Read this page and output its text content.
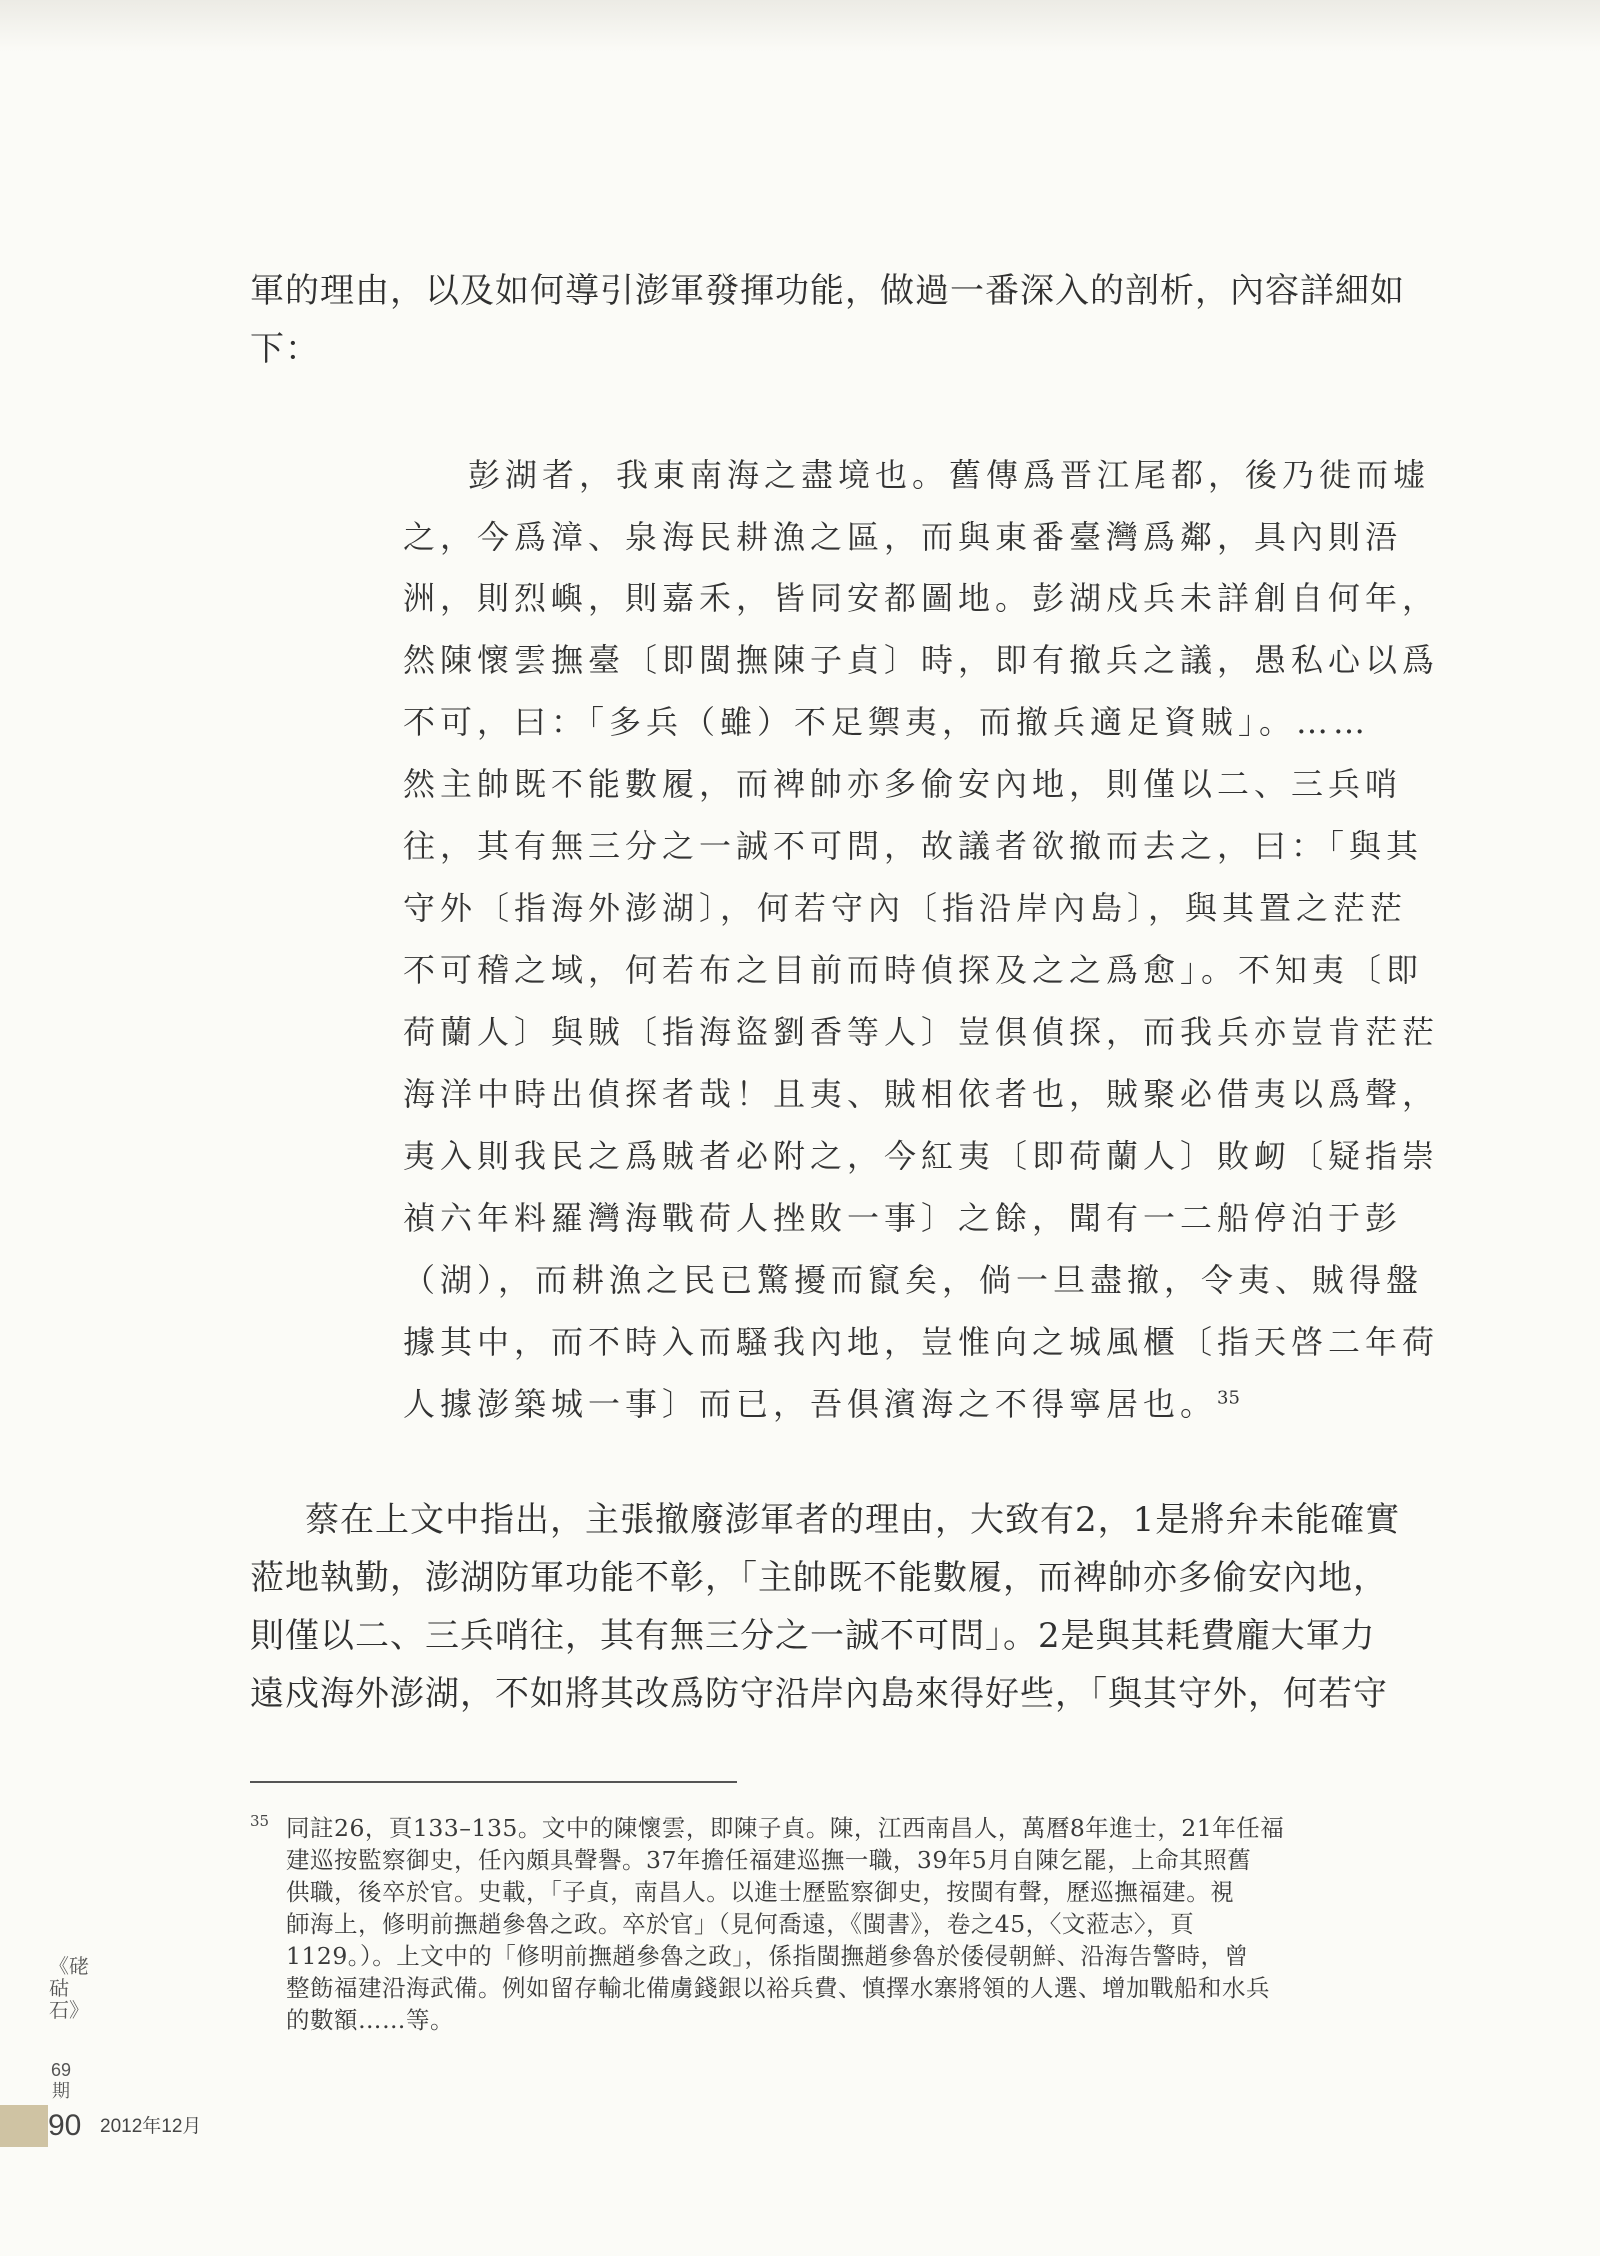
軍的理由，以及如何導引澎軍發揮功能，做過一番深入的剖析，內容詳細如
下：
彭湖者，我東南海之盡境也。舊傳爲晋江尾都，後乃徙而墟
之，今爲漳、泉海民耕漁之區，而與東番臺灣爲鄰，具內則浯
洲，則烈嶼，則嘉禾，皆同安都圖地。彭湖戍兵未詳創自何年，
然陳懷雲撫臺〔即閩撫陳子貞〕時，即有撤兵之議，愚私心以爲
不可，曰：「多兵（雖）不足禦夷，而撤兵適足資賊」。……
然主帥既不能數履，而裨帥亦多偷安內地，則僅以二、三兵哨
往，其有無三分之一誠不可問，故議者欲撤而去之，曰：「與其
守外〔指海外澎湖〕，何若守內〔指沿岸內島〕，與其置之茫茫
不可稽之域，何若布之目前而時偵探及之之爲愈」。不知夷〔即
荷蘭人〕與賊〔指海盜劉香等人〕豈俱偵探，而我兵亦豈肯茫茫
海洋中時出偵探者哉！且夷、賊相依者也，賊聚必借夷以爲聲，
夷入則我民之爲賊者必附之，今紅夷〔即荷蘭人〕敗衂〔疑指崇
禎六年料羅灣海戰荷人挫敗一事〕之餘，聞有一二船停泊于彭
（湖），而耕漁之民已驚擾而竄矣，倘一旦盡撤，令夷、賊得盤
據其中，而不時入而騷我內地，豈惟向之城風櫃〔指天啓二年荷
人據澎築城一事〕而已，吾俱濱海之不得寧居也。$^{35}$
蔡在上文中指出，主張撤廢澎軍者的理由，大致有2，1是將弁未能確實
蒞地執勤，澎湖防軍功能不彰，「主帥既不能數履，而裨帥亦多偷安內地，
則僅以二、三兵哨往，其有無三分之一誠不可問」。2是與其耗費龐大軍力
遠戍海外澎湖，不如將其改爲防守沿岸內島來得好些，「與其守外，何若守
35 同註26，頁133–135。文中的陳懷雲，即陳子貞。陳，江西南昌人，萬曆8年進士，21年任福
建巡按監察御史，任內頗具聲譽。37年擔任福建巡撫一職，39年5月自陳乞罷，上命其照舊
供職，後卒於官。史載，「子貞，南昌人。以進士歷監察御史，按閩有聲，歷巡撫福建。視
師海上，修明前撫趙參魯之政。卒於官」（見何喬遠，《閩書》，卷之45，〈文蒞志〉，頁
1129。）。上文中的「修明前撫趙參魯之政」，係指閩撫趙參魯於倭侵朝鮮、沿海告警時，曾
整飭福建沿海武備。例如留存輸北備虜錢銀以裕兵費、慎擇水寨將領的人選、增加戰船和水兵
的數額……等。
《硓𥑮石》
69期
90 2012年12月
